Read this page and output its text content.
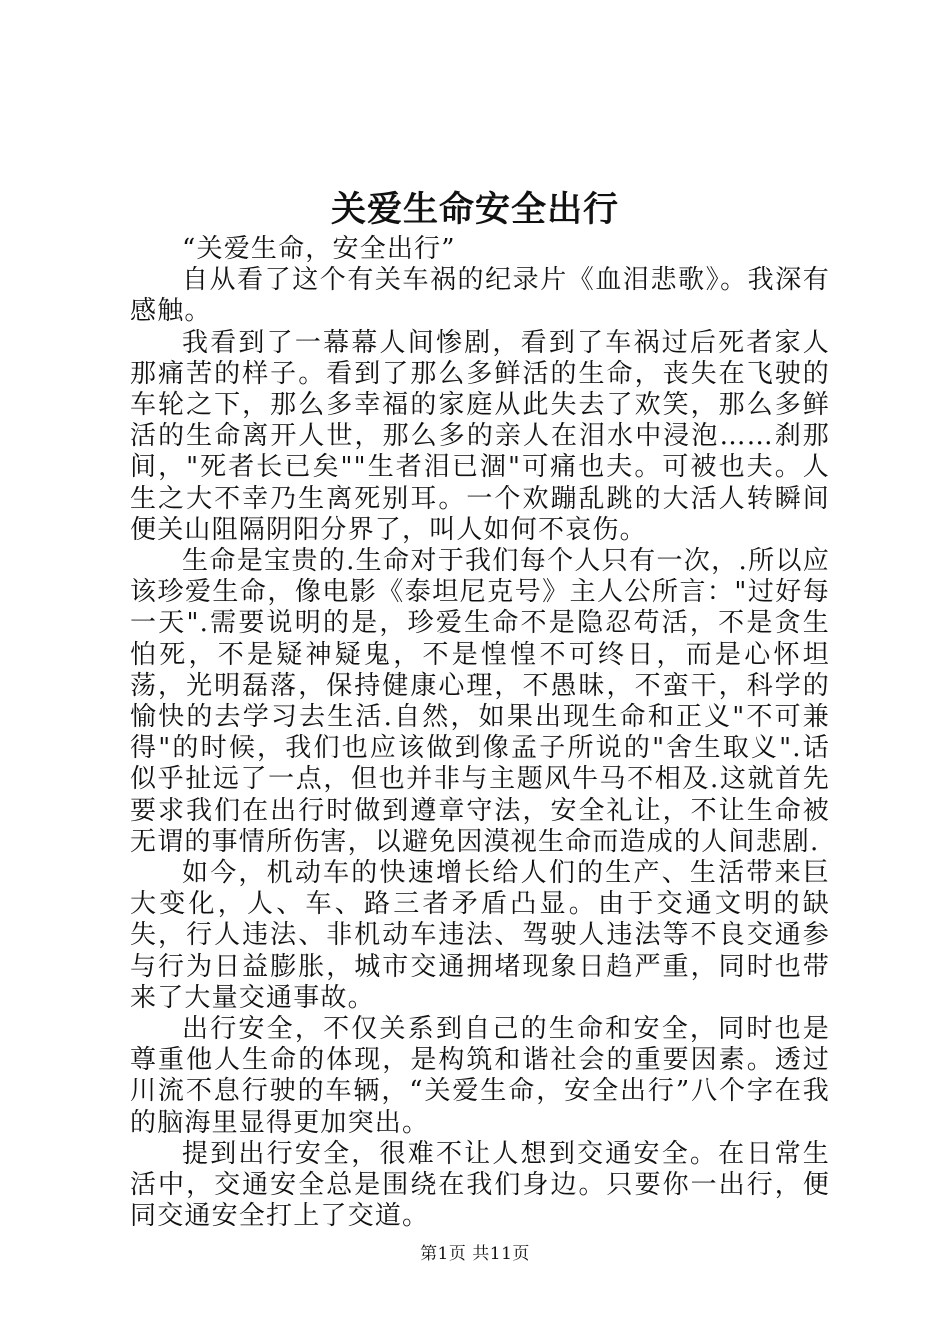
关爱生命安全出行

“关爱生命，安全出行”

自从看了这个有关车祸的纪录片《血泪悲歌》。我深有感触。

我看到了一幕幕人间惨剧，看到了车祸过后死者家人那痛苦的样子。看到了那么多鲜活的生命，丧失在飞驶的车轮之下，那么多幸福的家庭从此失去了欢笑，那么多鲜活的生命离开人世，那么多的亲人在泪水中浸泡……刹那间，"死者长已矣""生者泪已涸"可痛也夫。可被也夫。人生之大不幸乃生离死别耳。一个欢蹦乱跳的大活人转瞬间便关山阻隔阴阳分界了，叫人如何不哀伤。

生命是宝贵的.生命对于我们每个人只有一次，.所以应该珍爱生命，像电影《泰坦尼克号》主人公所言："过好每一天".需要说明的是，珍爱生命不是隐忍苟活，不是贪生怕死，不是疑神疑鬼，不是惶惶不可终日，而是心怀坦荡，光明磊落，保持健康心理，不愚昧，不蛮干，科学的愉快的去学习去生活.自然，如果出现生命和正义"不可兼得"的时候，我们也应该做到像孟子所说的"舍生取义".话似乎扯远了一点，但也并非与主题风牛马不相及.这就首先要求我们在出行时做到遵章守法，安全礼让，不让生命被无谓的事情所伤害，以避免因漠视生命而造成的人间悲剧.

如今，机动车的快速增长给人们的生产、生活带来巨大变化，人、车、路三者矛盾凸显。由于交通文明的缺失，行人违法、非机动车违法、驾驶人违法等不良交通参与行为日益膨胀，城市交通拥堵现象日趋严重，同时也带来了大量交通事故。

出行安全，不仅关系到自己的生命和安全，同时也是尊重他人生命的体现，是构筑和谐社会的重要因素。透过川流不息行驶的车辆，“关爱生命，安全出行”八个字在我的脑海里显得更加突出。

提到出行安全，很难不让人想到交通安全。在日常生活中，交通安全总是围绕在我们身边。只要你一出行，便同交通安全打上了交道。

第1页 共11页
